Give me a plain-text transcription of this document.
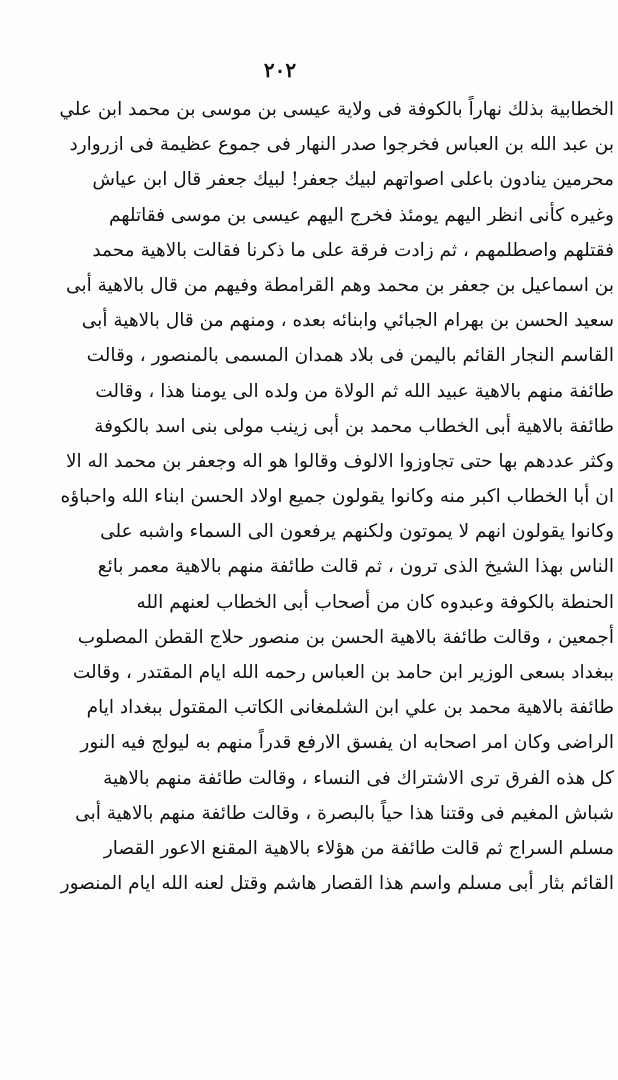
٢٠٢
الخطابية بذلك نهاراً بالكوفة فى ولاية عيسى بن موسى بن محمد ابن علي
بن عبد الله بن العباس فخرجوا صدر النهار فى جموع عظيمة فى ازروارد
محرمين ينادون باعلى اصواتهم لبيك جعفر! لبيك جعفر قال ابن عياش
وغيره كأنى انظر اليهم يومئذ فخرج اليهم عيسى بن موسى فقاتلهم
فقتلهم واصطلمهم ، ثم زادت فرقة على ما ذكرنا فقالت بالاهية محمد
بن اسماعيل بن جعفر بن محمد وهم القرامطة وفيهم من قال بالاهية أبى
سعيد الحسن بن بهرام الجبائي وابنائه بعده ، ومنهم من قال بالاهية أبى
القاسم النجار القائم باليمن فى بلاد همدان المسمى بالمنصور ، وقالت
طائفة منهم بالاهية عبيد الله ثم الولاة من ولده الى يومنا هذا ، وقالت
طائفة بالاهية أبى الخطاب محمد بن أبى زينب مولى بنى اسد بالكوفة
وكثر عددهم بها حتى تجاوزوا الالوف وقالوا هو اله وجعفر بن محمد اله الا
ان أبا الخطاب اكبر منه وكانوا يقولون جميع اولاد الحسن ابناء الله واحباؤه
وكانوا يقولون انهم لا يموتون ولكنهم يرفعون الى السماء واشبه على
الناس بهذا الشيخ الذى ترون ، ثم قالت طائفة منهم بالاهية معمر بائع
الحنطة بالكوفة وعبدوه كان من أصحاب أبى الخطاب لعنهم الله
أجمعين ، وقالت طائفة بالاهية الحسن بن منصور حلاج القطن المصلوب
ببغداد بسعى الوزير ابن حامد بن العباس رحمه الله ايام المقتدر ، وقالت
طائفة بالاهية محمد بن علي ابن الشلمغانى الكاتب المقتول ببغداد ايام
الراضى وكان امر اصحابه ان يفسق الارفع قدراً منهم به ليولج فيه النور
كل هذه الفرق ترى الاشتراك فى النساء ، وقالت طائفة منهم بالاهية
شباش المغيم فى وقتنا هذا حياً بالبصرة ، وقالت طائفة منهم بالاهية أبى
مسلم السراج ثم قالت طائفة من هؤلاء بالاهية المقنع الاعور القصار
القائم بثار أبى مسلم واسم هذا القصار هاشم وقتل لعنه الله ايام المنصور
